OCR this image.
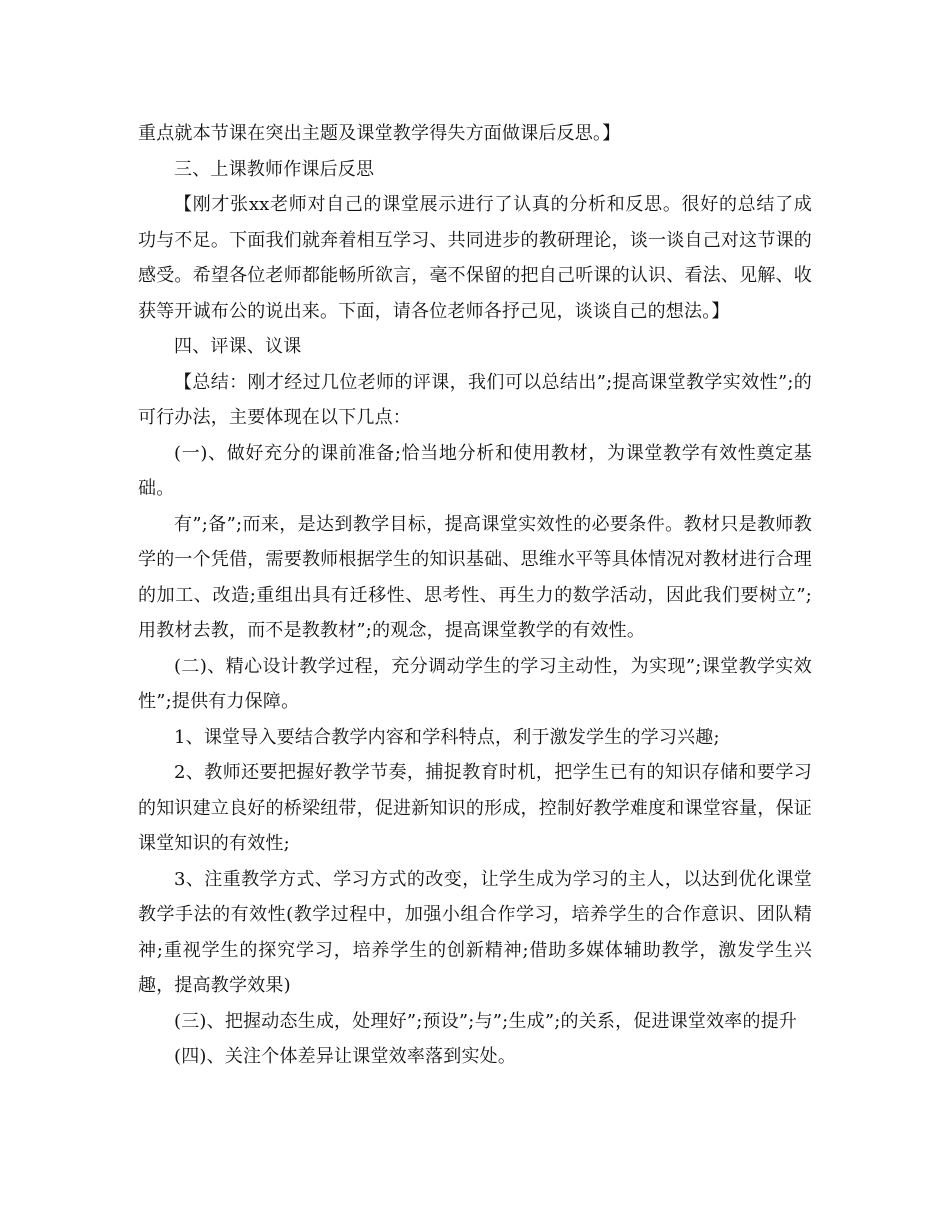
重点就本节课在突出主题及课堂教学得失方面做课后反思。】

三、上课教师作课后反思

【刚才张xx老师对自己的课堂展示进行了认真的分析和反思。很好的总结了成功与不足。下面我们就奔着相互学习、共同进步的教研理论，谈一谈自己对这节课的感受。希望各位老师都能畅所欲言，毫不保留的把自己听课的认识、看法、见解、收获等开诚布公的说出来。下面，请各位老师各抒己见，谈谈自己的想法。】

四、评课、议课

【总结：刚才经过几位老师的评课，我们可以总结出”;提高课堂教学实效性”;的可行办法，主要体现在以下几点：

(一)、做好充分的课前准备;恰当地分析和使用教材，为课堂教学有效性奠定基础。

有”;备”;而来，是达到教学目标，提高课堂实效性的必要条件。教材只是教师教学的一个凭借，需要教师根据学生的知识基础、思维水平等具体情况对教材进行合理的加工、改造;重组出具有迁移性、思考性、再生力的数学活动，因此我们要树立”;用教材去教，而不是教教材”;的观念，提高课堂教学的有效性。

(二)、精心设计教学过程，充分调动学生的学习主动性，为实现”;课堂教学实效性”;提供有力保障。

1、课堂导入要结合教学内容和学科特点，利于激发学生的学习兴趣;

2、教师还要把握好教学节奏，捕捉教育时机，把学生已有的知识存储和要学习的知识建立良好的桥梁纽带，促进新知识的形成，控制好教学难度和课堂容量，保证课堂知识的有效性;

3、注重教学方式、学习方式的改变，让学生成为学习的主人，以达到优化课堂教学手法的有效性(教学过程中，加强小组合作学习，培养学生的合作意识、团队精神;重视学生的探究学习，培养学生的创新精神;借助多媒体辅助教学，激发学生兴趣，提高教学效果)

(三)、把握动态生成，处理好”;预设”;与”;生成”;的关系，促进课堂效率的提升

(四)、关注个体差异让课堂效率落到实处。
